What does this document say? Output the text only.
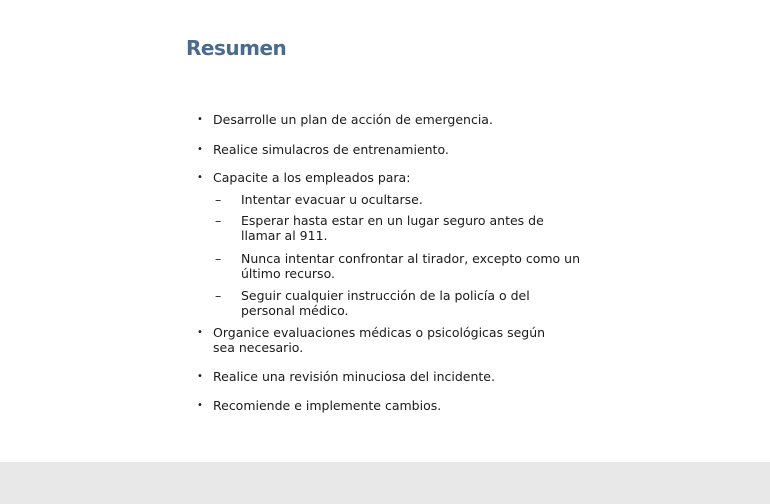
Resumen
• Desarrolle un plan de acción de emergencia.
• Realice simulacros de entrenamiento.
• Capacite a los empleados para:
– Intentar evacuar u ocultarse.
– Esperar hasta estar en un lugar seguro antes de llamar al 911.
– Nunca intentar confrontar al tirador, excepto como un último recurso.
– Seguir cualquier instrucción de la policía o del personal médico.
• Organice evaluaciones médicas o psicológicas según sea necesario.
• Realice una revisión minuciosa del incidente.
• Recomiende e implemente cambios.
